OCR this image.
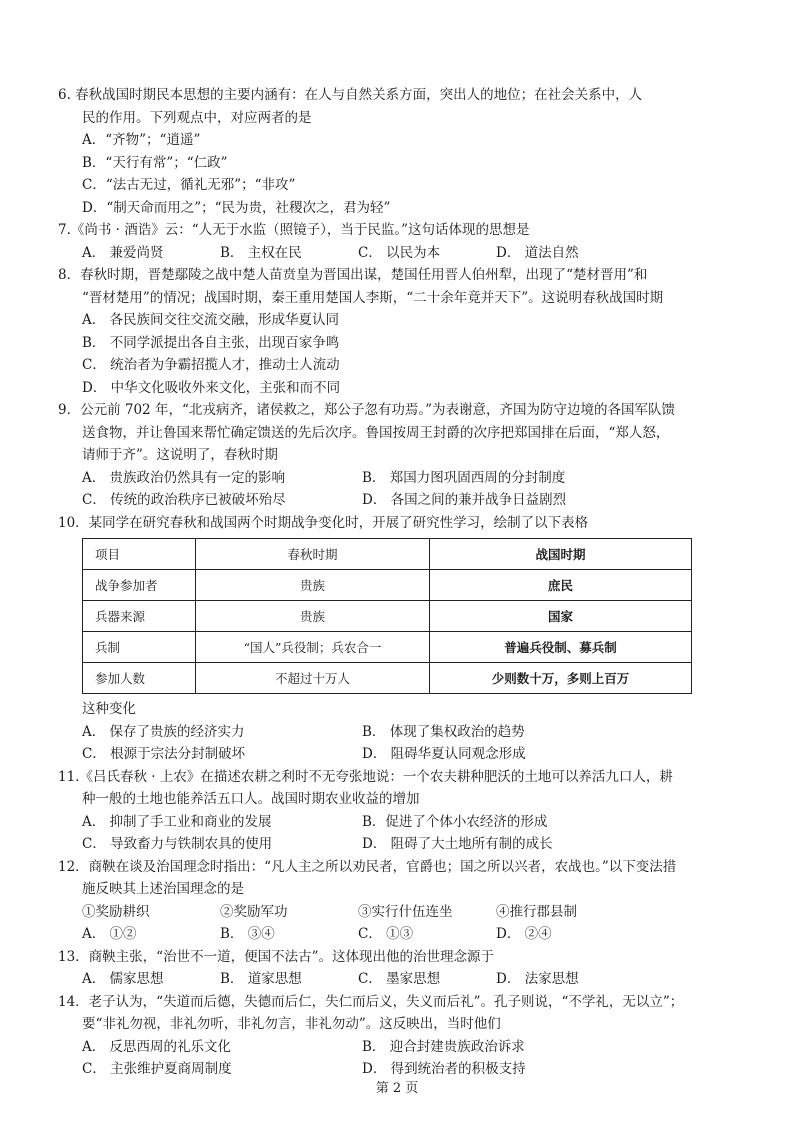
6. 春秋战国时期民本思想的主要内涵有：在人与自然关系方面，突出人的地位；在社会关系中，人
民的作用。下列观点中，对应两者的是
A．“齐物”；“逍遥”
B．“天行有常”；“仁政”
C．“法古无过，循礼无邪”；“非攻”
D．“制天命而用之”；“民为贵，社稷次之，君为轻”
7.《尚书 · 酒诰》云：“人无于水监（照镜子），当于民监。”这句话体现的思想是
A． 兼爱尚贤	B． 主权在民	C． 以民为本	D． 道法自然
8．春秋时期，晋楚鄢陵之战中楚人苗贲皇为晋国出谋，楚国任用晋人伯州犁，出现了“楚材晋用”和
“晋材楚用”的情况；战国时期，秦王重用楚国人李斯，“二十余年竟并天下”。这说明春秋战国时期
A． 各民族间交往交流交融，形成华夏认同
B． 不同学派提出各自主张，出现百家争鸣
C． 统治者为争霸招揽人才，推动士人流动
D． 中华文化吸收外来文化，主张和而不同
9．公元前 702 年，“北戎病齐，诸侯救之，郑公子忽有功焉。”为表谢意，齐国为防守边境的各国军队馈
送食物，并让鲁国来帮忙确定馈送的先后次序。鲁国按周王封爵的次序把郑国排在后面，“郑人怒，
请师于齐”。这说明了，春秋时期
A． 贵族政治仍然具有一定的影响	B． 郑国力图巩固西周的分封制度
C． 传统的政治秩序已被破坏殆尽	D． 各国之间的兼并战争日益剧烈
10．某同学在研究春秋和战国两个时期战争变化时，开展了研究性学习，绘制了以下表格
项目	春秋时期	战国时期
战争参加者	贵族	庶民
兵器来源	贵族	国家
兵制	“国人”兵役制；兵农合一	普遍兵役制、募兵制
参加人数	不超过十万人	少则数十万，多则上百万
这种变化
A． 保存了贵族的经济实力	B． 体现了集权政治的趋势
C． 根源于宗法分封制破坏	D． 阻碍华夏认同观念形成
11.《吕氏春秋 · 上农》在描述农耕之利时不无夸张地说：一个农夫耕种肥沃的土地可以养活九口人，耕
种一般的土地也能养活五口人。战国时期农业收益的增加
A． 抑制了手工业和商业的发展	B．促进了个体小农经济的形成
C． 导致畜力与铁制农具的使用	D． 阻碍了大土地所有制的成长
12．商鞅在谈及治国理念时指出：“凡人主之所以劝民者，官爵也；国之所以兴者，农战也。”以下变法措
施反映其上述治国理念的是
①奖励耕织	②奖励军功	③实行什伍连坐	④推行郡县制
A． ①②	B． ③④	C． ①③	D． ②④
13．商鞅主张，“治世不一道，便国不法古”。这体现出他的治世理念源于
A． 儒家思想	B． 道家思想	C． 墨家思想	D． 法家思想
14．老子认为，“失道而后德，失德而后仁，失仁而后义，失义而后礼”。孔子则说，“不学礼，无以立”；
要“非礼勿视，非礼勿听，非礼勿言，非礼勿动”。这反映出，当时他们
A． 反思西周的礼乐文化	B． 迎合封建贵族政治诉求
C． 主张维护夏商周制度	D． 得到统治者的积极支持
第 2 页
